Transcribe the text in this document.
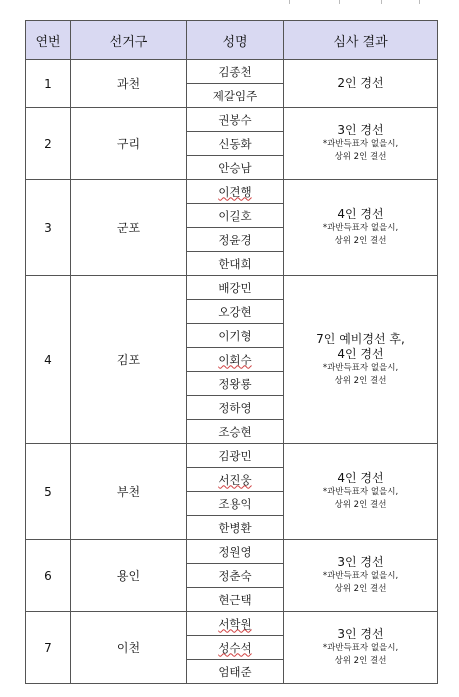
연번	선거구	성명	심사 결과
1	과천	김종천	2인 경선

		제갈임주	
2	구리	권봉수	3인 경선
*과반득표자 없을시,
상위 2인 결선

		신동화	
		안승남	
3	군포	이견행	4인 경선
*과반득표자 없을시,
상위 2인 결선

		이길호	
		정윤경	
		한대희	
4	김포	배강민	7인 예비경선 후,
4인 경선
*과반득표자 없을시,
상위 2인 결선

		오강현	
		이기형	
		이회수	
		정왕룡	
		정하영	
		조승현	
5	부천	김광민	4인 경선
*과반득표자 없을시,
상위 2인 결선

		서진웅	
		조용익	
		한병환	
6	용인	정원영	3인 경선
*과반득표자 없을시,
상위 2인 결선

		정춘숙	
		현근택	
7	이천	서학원	3인 경선
*과반득표자 없을시,
상위 2인 결선

		성수석	
		엄태준	
